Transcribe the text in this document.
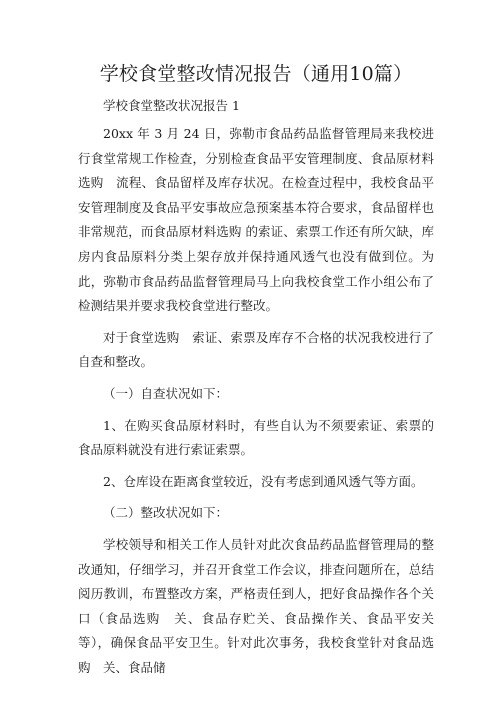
学校食堂整改情况报告（通用10篇）
学校食堂整改状况报告 1

20xx 年 3 月 24 日，弥勒市食品药品监督管理局来我校进行食堂常规工作检查，分别检查食品平安管理制度、食品原材料选购　流程、食品留样及库存状况。在检查过程中，我校食品平安管理制度及食品平安事故应急预案基本符合要求，食品留样也非常规范，而食品原材料选购 的索证、索票工作还有所欠缺，库房内食品原料分类上架存放并保持通风透气也没有做到位。为此，弥勒市食品药品监督管理局马上向我校食堂工作小组公布了检测结果并要求我校食堂进行整改。

对于食堂选购　索证、索票及库存不合格的状况我校进行了自查和整改。

（一）自查状况如下：

1、在购买食品原材料时，有些自认为不须要索证、索票的食品原料就没有进行索证索票。

2、仓库设在距离食堂较近，没有考虑到通风透气等方面。

（二）整改状况如下：

学校领导和相关工作人员针对此次食品药品监督管理局的整改通知，仔细学习，并召开食堂工作会议，排查问题所在，总结阅历教训，布置整改方案，严格责任到人，把好食品操作各个关口（食品选购　关、食品存贮关、食品操作关、食品平安关等），确保食品平安卫生。针对此次事务，我校食堂针对食品选购　关、食品储
